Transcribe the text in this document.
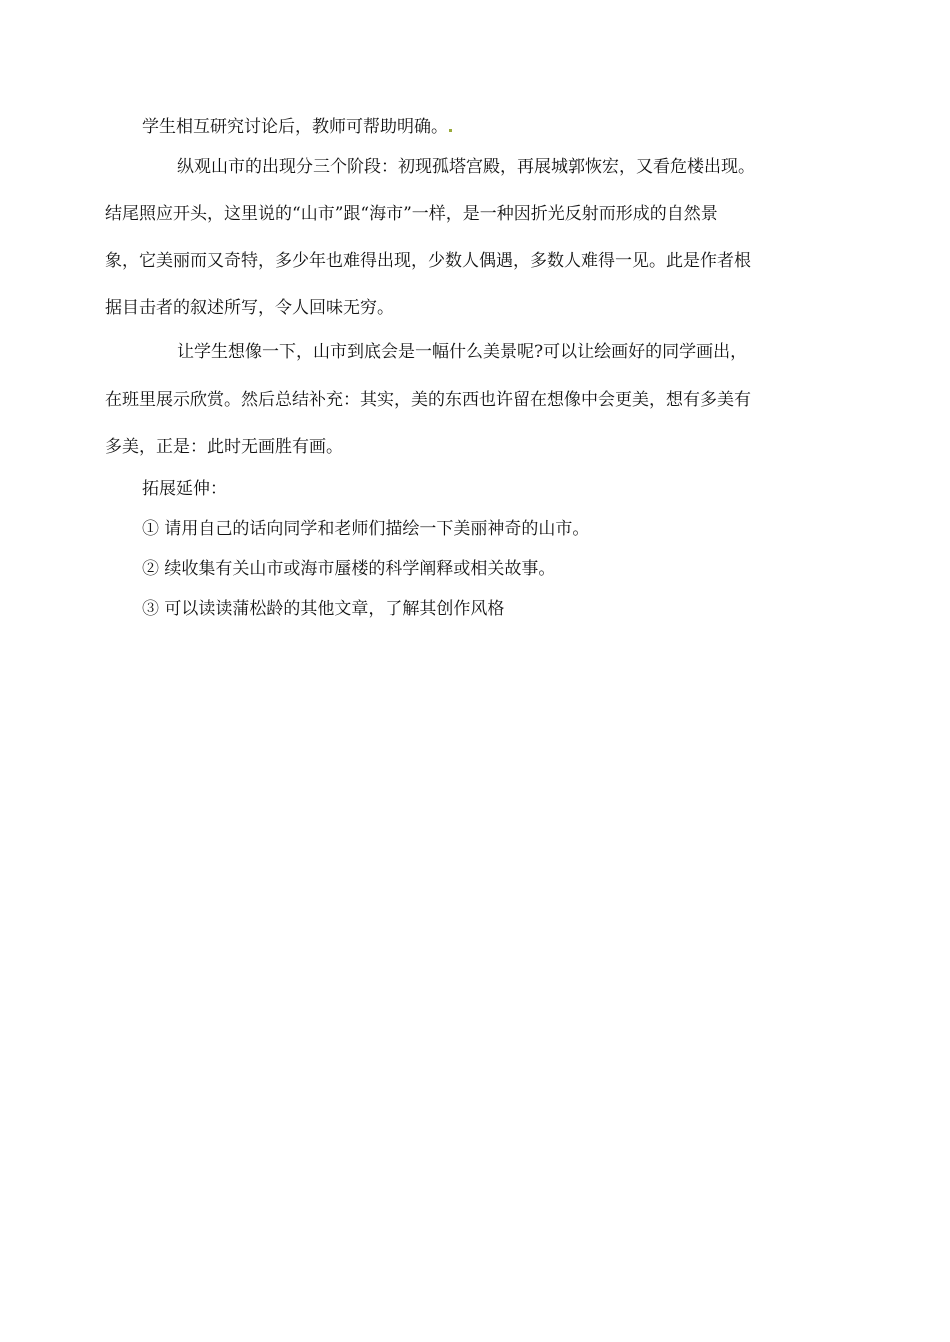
学生相互研究讨论后，教师可帮助明确。
纵观山市的出现分三个阶段：初现孤塔宫殿，再展城郭恢宏，又看危楼出现。
结尾照应开头，这里说的“山市”跟“海市”一样，是一种因折光反射而形成的自然景
象，它美丽而又奇特，多少年也难得出现，少数人偶遇，多数人难得一见。此是作者根
据目击者的叙述所写，令人回味无穷。
让学生想像一下，山市到底会是一幅什么美景呢?可以让绘画好的同学画出，
在班里展示欣赏。然后总结补充：其实，美的东西也许留在想像中会更美，想有多美有
多美，正是：此时无画胜有画。
拓展延伸：
① 请用自己的话向同学和老师们描绘一下美丽神奇的山市。
② 续收集有关山市或海市蜃楼的科学阐释或相关故事。
③ 可以读读蒲松龄的其他文章，了解其创作风格
